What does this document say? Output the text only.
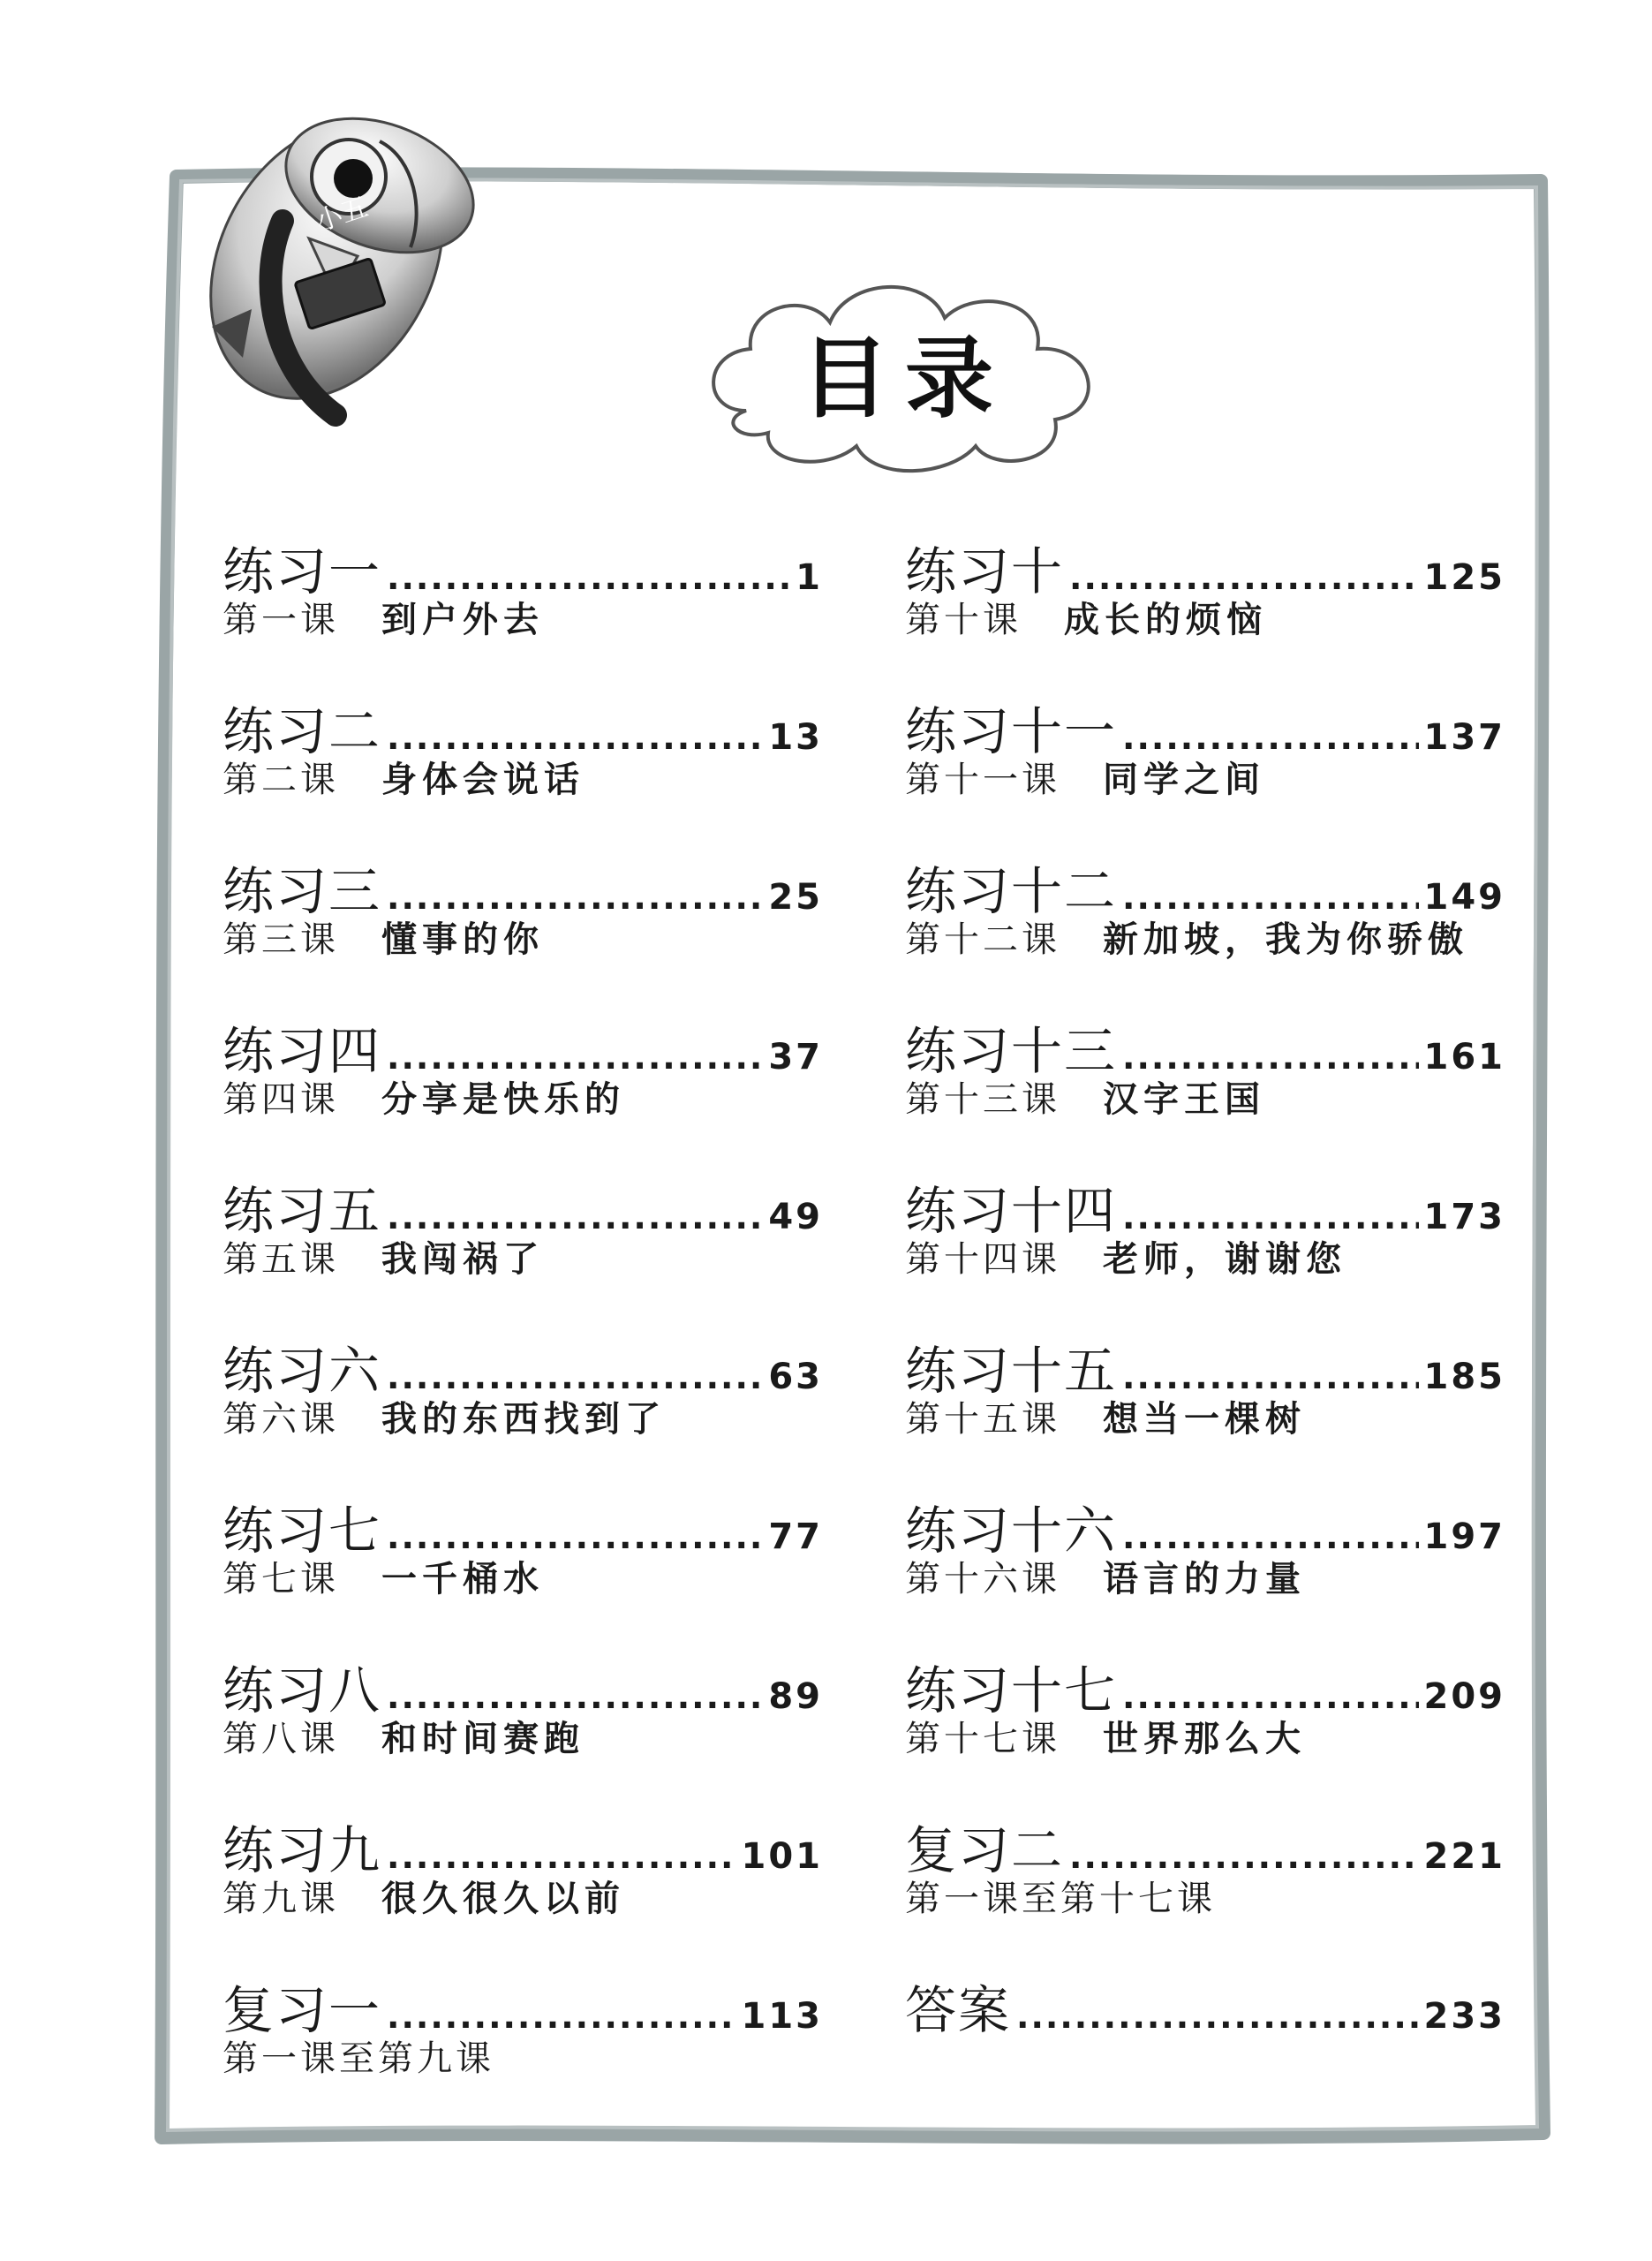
小五
目录
练习一 .....	1
第一课 到户外去
练习二 .....	13
第二课 身体会说话
练习三 .....	25
第三课 懂事的你
练习四 .....	37
第四课 分享是快乐的
练习五 .....	49
第五课 我闯祸了
练习六 .....	63
第六课 我的东西找到了
练习七 .....	77
第七课 一千桶水
练习八 .....	89
第八课 和时间赛跑
练习九 .....	101
第九课 很久很久以前
复习一 .....	113
第一课至第九课
练习十 .....	125
第十课 成长的烦恼
练习十一 .....	137
第十一课 同学之间
练习十二 .....	149
第十二课 新加坡，我为你骄傲
练习十三 .....	161
第十三课 汉字王国
练习十四 .....	173
第十四课 老师，谢谢您
练习十五 .....	185
第十五课 想当一棵树
练习十六 .....	197
第十六课 语言的力量
练习十七 .....	209
第十七课 世界那么大
复习二 .....	221
第一课至第十七课
答案 .....	233
